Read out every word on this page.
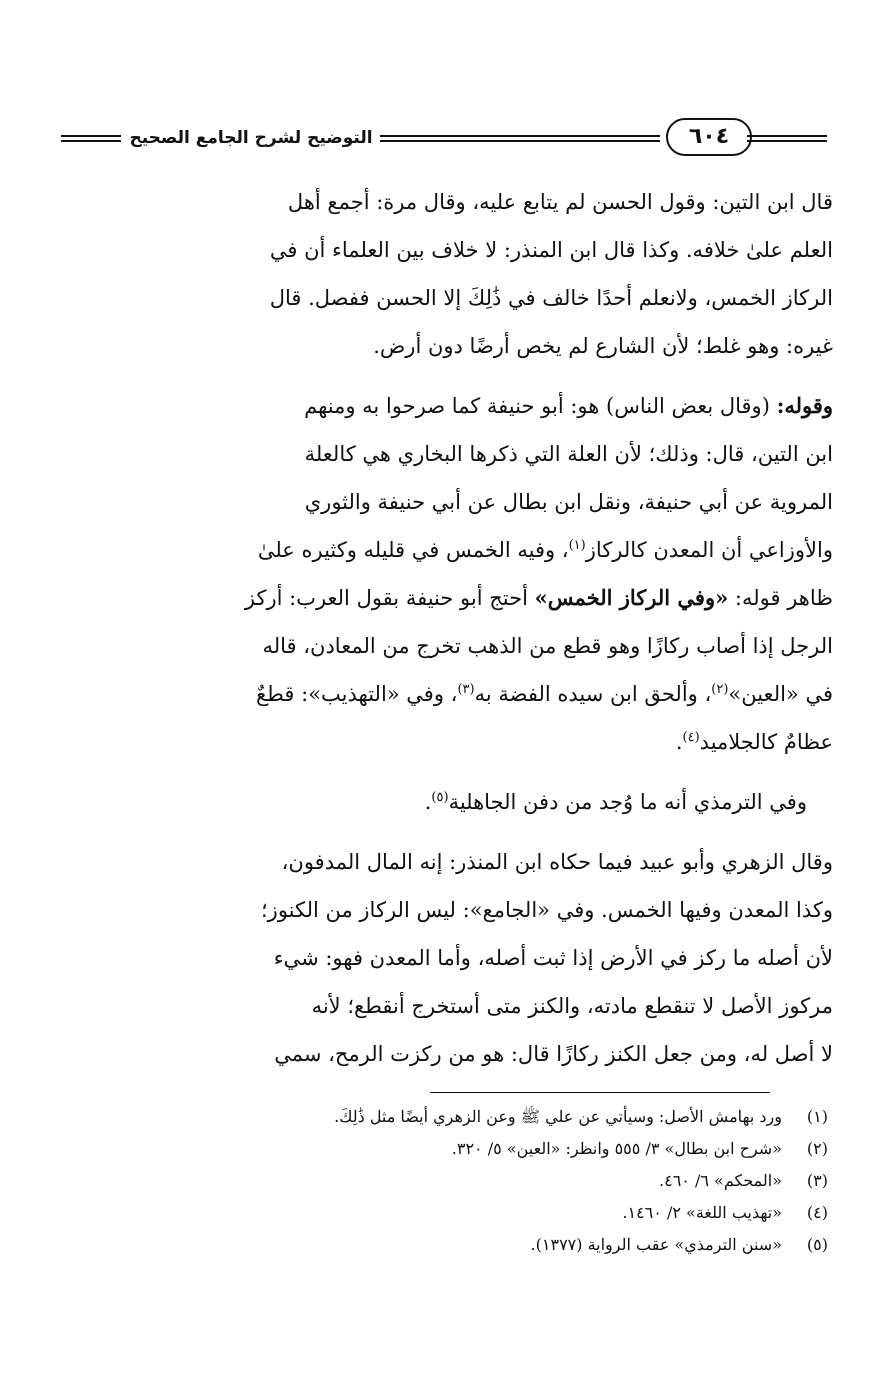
التوضيح لشرح الجامع الصحيح	٦٠٤
قال ابن التين: وقول الحسن لم يتابع عليه، وقال مرة: أجمع أهل
العلم علىٰ خلافه. وكذا قال ابن المنذر: لا خلاف بين العلماء أن في
الركاز الخمس، ولانعلم أحدًا خالف في ذَٰلِكَ إلا الحسن ففصل. قال
غيره: وهو غلط؛ لأن الشارع لم يخص أرضًا دون أرض.
وقوله: (وقال بعض الناس) هو: أبو حنيفة كما صرحوا به ومنهم
ابن التين، قال: وذلك؛ لأن العلة التي ذكرها البخاري هي كالعلة
المروية عن أبي حنيفة، ونقل ابن بطال عن أبي حنيفة والثوري
والأوزاعي أن المعدن كالركاز$^{(١)}$، وفيه الخمس في قليله وكثيره علىٰ
ظاهر قوله: «وفي الركاز الخمس» أحتج أبو حنيفة بقول العرب: أركز
الرجل إذا أصاب ركازًا وهو قطع من الذهب تخرج من المعادن، قاله
في «العين»$^{(٢)}$، وألحق ابن سيده الفضة به$^{(٣)}$، وفي «التهذيب»: قطعٌ
عظامٌ كالجلاميد$^{(٤)}$.
وفي الترمذي أنه ما وُجد من دفن الجاهلية$^{(٥)}$.
وقال الزهري وأبو عبيد فيما حكاه ابن المنذر: إنه المال المدفون،
وكذا المعدن وفيها الخمس. وفي «الجامع»: ليس الركاز من الكنوز؛
لأن أصله ما ركز في الأرض إذا ثبت أصله، وأما المعدن فهو: شيء
مركوز الأصل لا تنقطع مادته، والكنز متى أستخرج أنقطع؛ لأنه
لا أصل له، ومن جعل الكنز ركازًا قال: هو من ركزت الرمح، سمي
(١)ورد بهامش الأصل: وسيأتي عن علي ﷺ وعن الزهري أيضًا مثل ذَٰلِكَ.
(٢)«شرح ابن بطال» ٣/ ٥٥٥ وانظر: «العين» ٥/ ٣٢٠.
(٣)«المحكم» ٦/ ٤٦٠.
(٤)«تهذيب اللغة» ٢/ ١٤٦٠.
(٥)«سنن الترمذي» عقب الرواية (١٣٧٧).
